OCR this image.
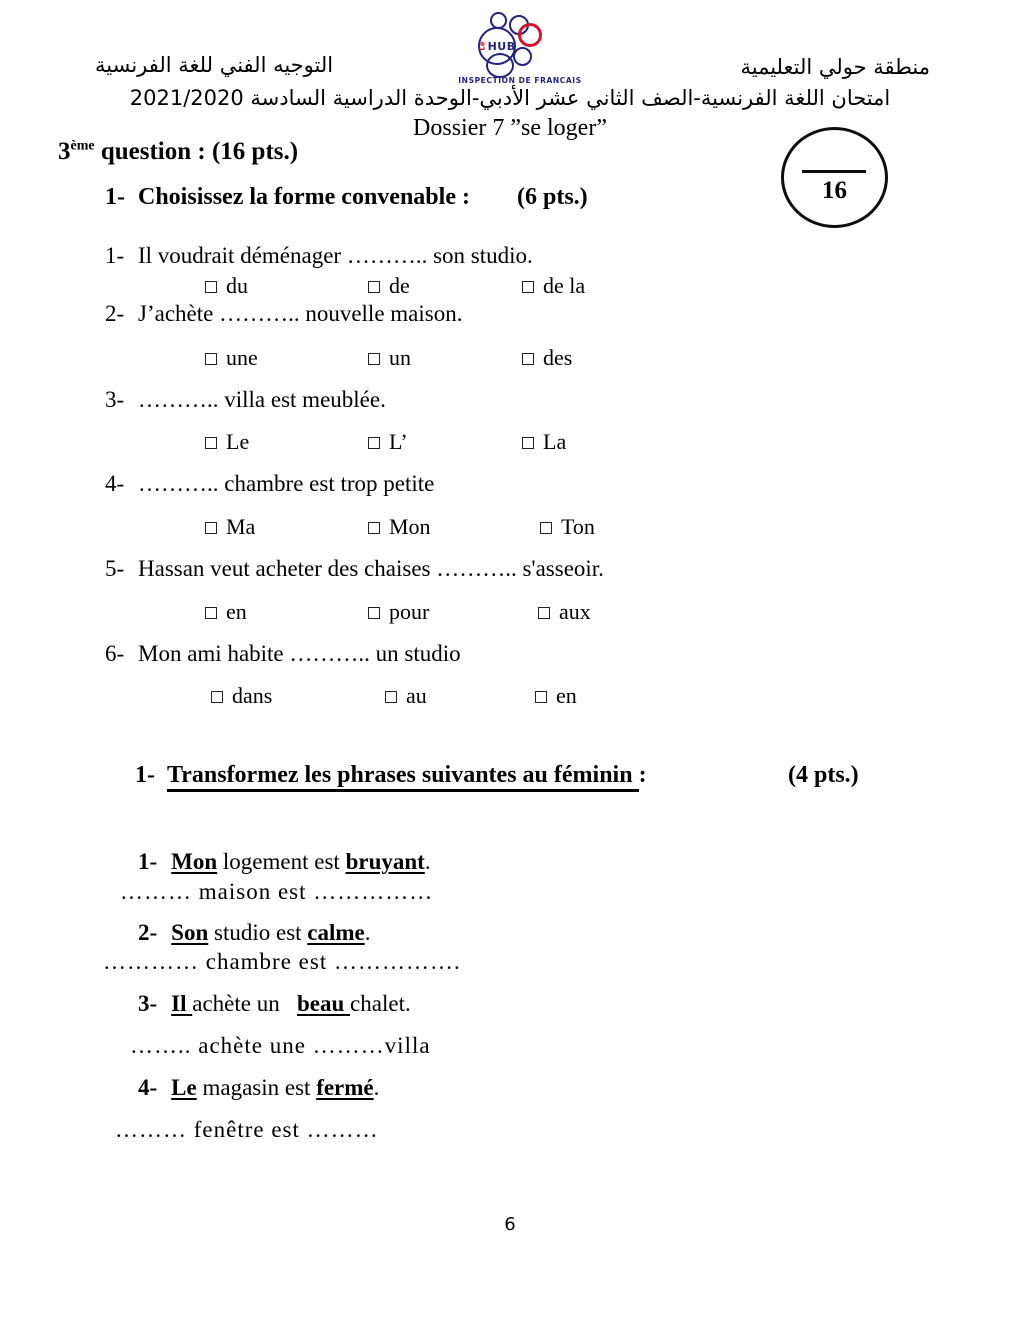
منطقة حولي التعليمية
التوجيه الفني للغة الفرنسية
Le HUB
INSPECTION DE FRANCAIS
امتحان اللغة الفرنسية-الصف الثاني عشر الأدبي-الوحدة الدراسية السادسة 2021/2020
Dossier 7 ”se loger”
3ème question : (16 pts.)
16
1- Choisissez la forme convenable : (6 pts.)
1- Il voudrait déménager ……….. son studio.
du	de	de la
2- J’achète ……….. nouvelle maison.
une	un	des
3- ……….. villa est meublée.
Le	L’	La
4- ……….. chambre est trop petite
Ma	Mon	Ton
5- Hassan veut acheter des chaises ……….. s'asseoir.
en	pour	aux
6- Mon ami habite ……….. un studio
dans	au	en
1- Transformez les phrases suivantes au féminin :	(4 pts.)
1- Mon logement est bruyant.
……… maison est ……………
2- Son studio est calme.
………… chambre est …………….
3- Il achète un   beau chalet.
…….. achète une ………villa
4- Le magasin est fermé.
……… fenêtre est ………
6
